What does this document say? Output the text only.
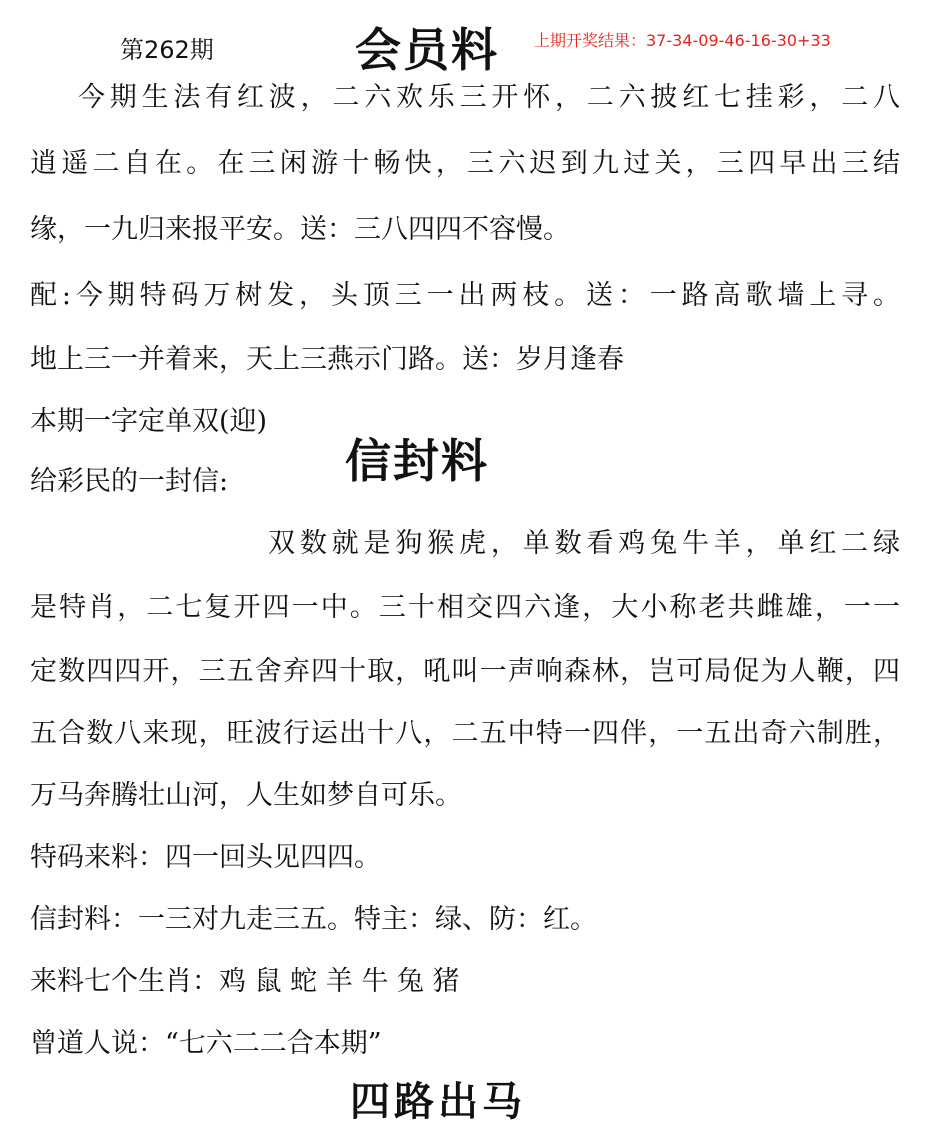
第262期	会员料 上期开奖结果：37-34-09-46-16-30+33
今期生法有红波，二六欢乐三开怀，二六披红七挂彩，二八
逍遥二自在。在三闲游十畅快，三六迟到九过关，三四早出三结
缘，一九归来报平安。送：三八四四不容慢。
配:今期特码万树发，头顶三一出两枝。送：一路高歌墙上寻。
地上三一并着来，天上三燕示门路。送：岁月逢春
本期一字定单双(迎)
信封料
给彩民的一封信:
双数就是狗猴虎，单数看鸡兔牛羊，单红二绿
是特肖，二七复开四一中。三十相交四六逢，大小称老共雌雄，一一
定数四四开，三五舍弃四十取，吼叫一声响森林，岂可局促为人鞭，四
五合数八来现，旺波行运出十八，二五中特一四伴，一五出奇六制胜，
万马奔腾壮山河，人生如梦自可乐。
特码来料：四一回头见四四。
信封料：一三对九走三五。特主：绿、防：红。
来料七个生肖：鸡 鼠 蛇 羊 牛 兔 猪
曾道人说：“七六二二合本期”
四路出马
